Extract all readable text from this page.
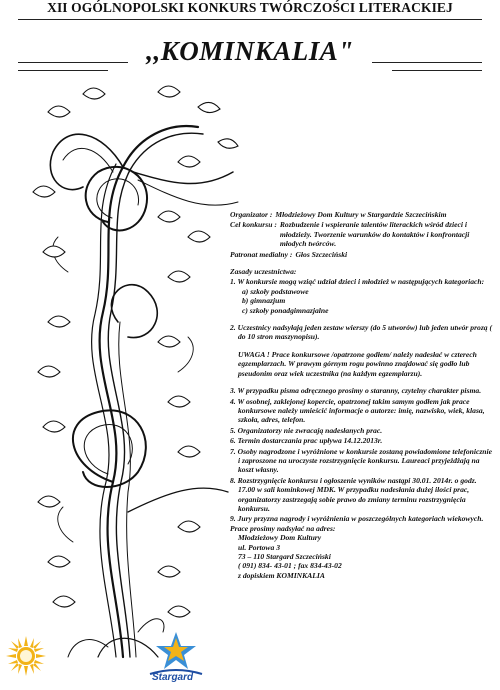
XII OGÓLNOPOLSKI KONKURS TWÓRCZOŚCI LITERACKIEJ
,,KOMINKALIA"
Organizator : Młodzieżowy Dom Kultury w Stargardzie Szczecińskim
Cel konkursu : Rozbudzenie i wspieranie talentów literackich wśród dzieci i młodzieży. Tworzenie warunków do kontaktów i konfrontacji młodych twórców.
Patronat medialny : Głos Szczeciński
Zasady uczestnictwa:
1. W konkursie mogą wziąć udział dzieci i młodzież w następujących kategoriach:
a) szkoły podstawowe
b) gimnazjum
c) szkoły ponadgimnazjalne
2. Uczestnicy nadsyłają jeden zestaw wierszy (do 5 utworów) lub jeden utwór prozą ( do 10 stron maszynopisu).
UWAGA ! Prace konkursowe /opatrzone godłem/ należy nadesłać w czterech egzemplarzach. W prawym górnym rogu powinno znajdować się godło lub pseudonim oraz wiek uczestnika (na każdym egzemplarzu).
3. W przypadku pisma odręcznego prosimy o staranny, czytelny charakter pisma.
4. W osobnej, zaklejonej kopercie, opatrzonej takim samym godłem jak prace konkursowe należy umieścić informacje o autorze: imię, nazwisko, wiek, klasa, szkoła, adres, telefon.
5. Organizatorzy nie zwracają nadesłanych prac.
6. Termin dostarczania prac upływa 14.12.2013r.
7. Osoby nagrodzone i wyróżnione w konkursie zostaną powiadomione telefonicznie i zaproszone na uroczyste rozstrzygnięcie konkursu. Laureaci przyjeżdżają na koszt własny.
8. Rozstrzygnięcie konkursu i ogłoszenie wyników nastąpi 30.01. 2014r. o godz. 17.00 w sali kominkowej MDK. W przypadku nadesłania dużej ilości prac, organizatorzy zastrzegają sobie prawo do zmiany terminu rozstrzygnięcia konkursu.
9. Jury przyzna nagrody i wyróżnienia w poszczególnych kategoriach wiekowych.
Prace prosimy nadsyłać na adres:
Młodzieżowy Dom Kultury
ul. Portowa 3
73 – 110 Stargard Szczeciński
( 091) 834- 43-01 ; fax 834-43-02
z dopiskiem KOMINKALIA
Stargard
